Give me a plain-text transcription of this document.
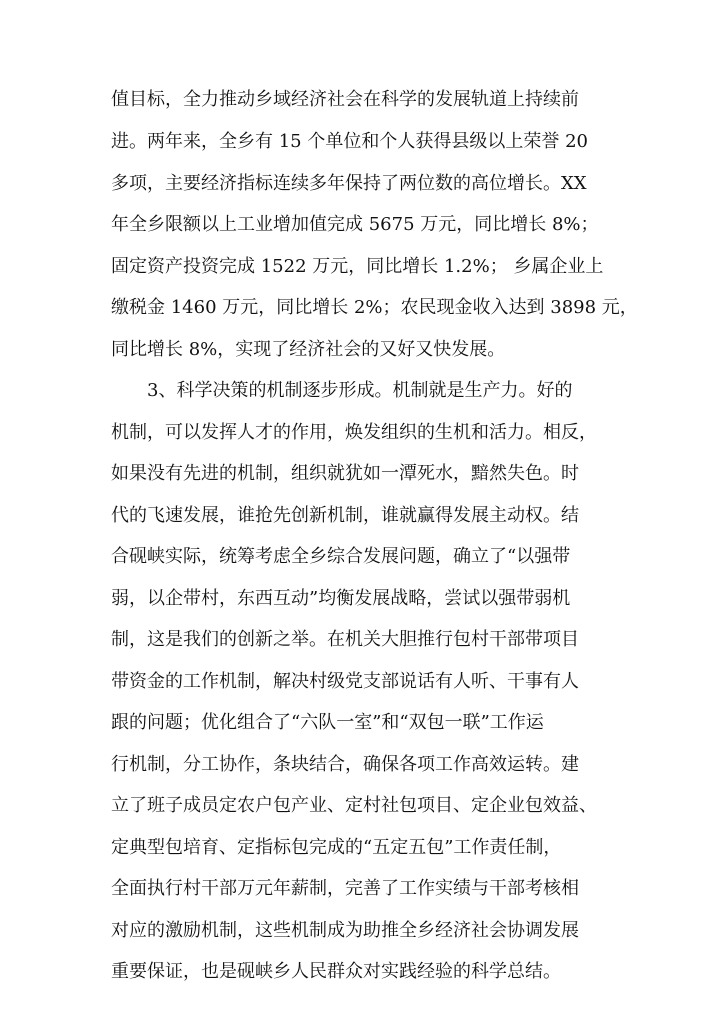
值目标，全力推动乡域经济社会在科学的发展轨道上持续前
进。两年来，全乡有 15 个单位和个人获得县级以上荣誉 20
多项，主要经济指标连续多年保持了两位数的高位增长。XX
年全乡限额以上工业增加值完成 5675 万元，同比增长 8%；
固定资产投资完成 1522 万元，同比增长 1.2%； 乡属企业上
缴税金 1460 万元，同比增长 2%；农民现金收入达到 3898 元，
同比增长 8%，实现了经济社会的又好又快发展。
3、科学决策的机制逐步形成。机制就是生产力。好的
机制，可以发挥人才的作用，焕发组织的生机和活力。相反，
如果没有先进的机制，组织就犹如一潭死水，黯然失色。时
代的飞速发展，谁抢先创新机制，谁就赢得发展主动权。结
合砚峡实际，统筹考虑全乡综合发展问题，确立了“以强带
弱，以企带村，东西互动”均衡发展战略，尝试以强带弱机
制，这是我们的创新之举。在机关大胆推行包村干部带项目
带资金的工作机制，解决村级党支部说话有人听、干事有人
跟的问题；优化组合了“六队一室”和“双包一联”工作运
行机制，分工协作，条块结合，确保各项工作高效运转。建
立了班子成员定农户包产业、定村社包项目、定企业包效益、
定典型包培育、定指标包完成的“五定五包”工作责任制，
全面执行村干部万元年薪制，完善了工作实绩与干部考核相
对应的激励机制，这些机制成为助推全乡经济社会协调发展
重要保证，也是砚峡乡人民群众对实践经验的科学总结。
